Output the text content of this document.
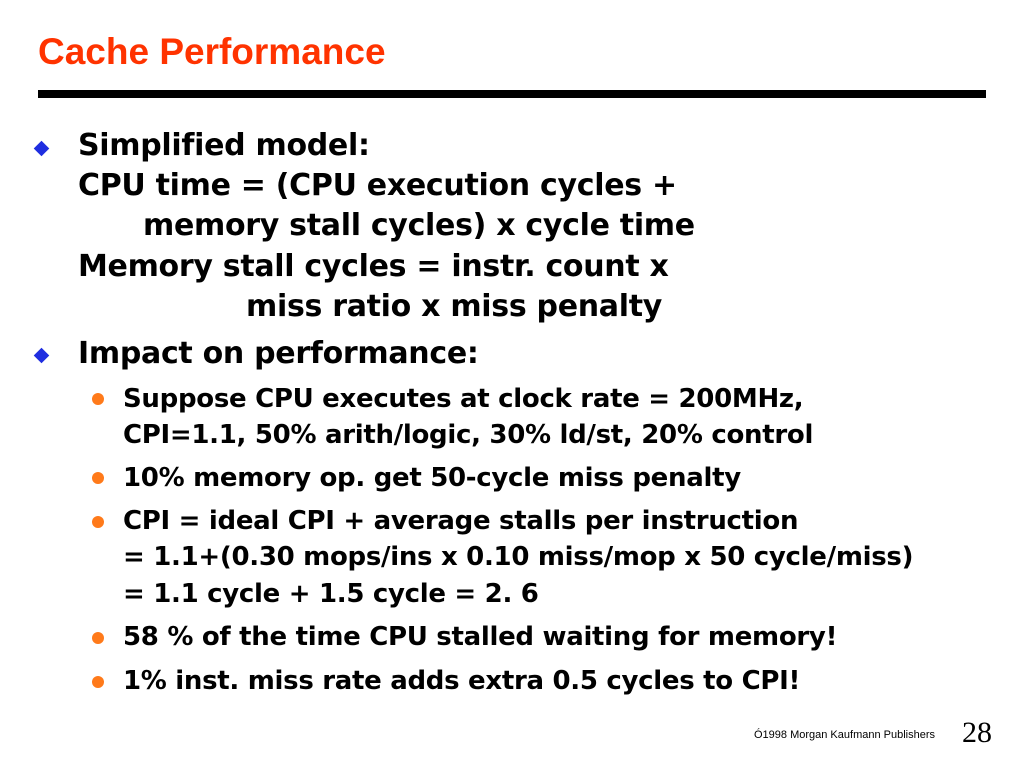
Cache Performance
Simplified model:
CPU time = (CPU execution cycles +
memory stall cycles) x cycle time
Memory stall cycles = instr. count x
miss ratio x miss penalty
Impact on performance:
Suppose CPU executes at clock rate = 200MHz,
CPI=1.1, 50% arith/logic, 30% ld/st, 20% control
10% memory op. get 50-cycle miss penalty
CPI = ideal CPI + average stalls per instruction
= 1.1+(0.30 mops/ins x 0.10 miss/mop x 50 cycle/miss)
= 1.1 cycle + 1.5 cycle = 2. 6
58 % of the time CPU stalled waiting for memory!
1% inst. miss rate adds extra 0.5 cycles to CPI!
Ó1998 Morgan Kaufmann Publishers 28
